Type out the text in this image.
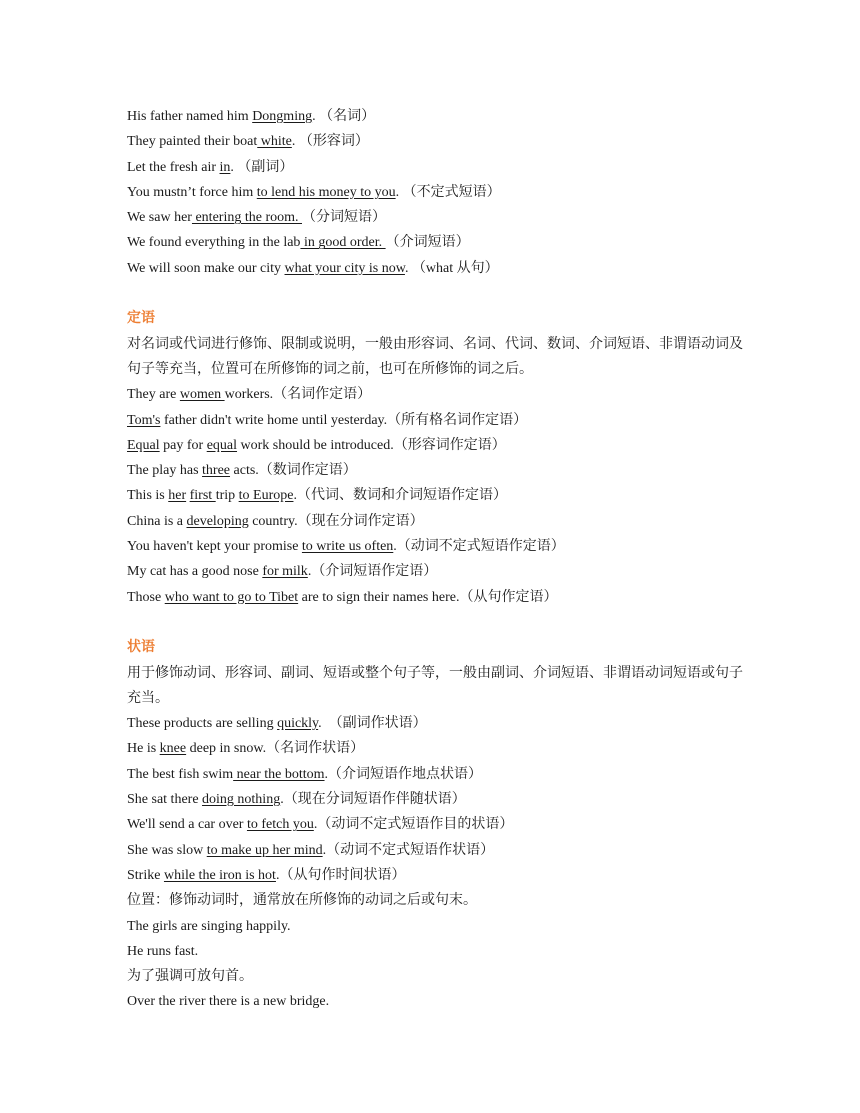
His father named him Dongming. （名词）
They painted their boat white. （形容词）
Let the fresh air in. （副词）
You mustn’t force him to lend his money to you. （不定式短语）
We saw her entering the room. （分词短语）
We found everything in the lab in good order. （介词短语）
We will soon make our city what your city is now. （what 从句）
定语
对名词或代词进行修饰、限制或说明，一般由形容词、名词、代词、数词、介词短语、非谓语动词及句子等充当，位置可在所修饰的词之前，也可在所修饰的词之后。
They are women workers.（名词作定语）
Tom's father didn't write home until yesterday.（所有格名词作定语）
Equal pay for equal work should be introduced.（形容词作定语）
The play has three acts.（数词作定语）
This is her first trip to Europe.（代词、数词和介词短语作定语）
China is a developing country.（现在分词作定语）
You haven't kept your promise to write us often.（动词不定式短语作定语）
My cat has a good nose for milk.（介词短语作定语）
Those who want to go to Tibet are to sign their names here.（从句作定语）
状语
用于修饰动词、形容词、副词、短语或整个句子等，一般由副词、介词短语、非谓语动词短语或句子充当。
These products are selling quickly.　（副词作状语）
He is knee deep in snow.（名词作状语）
The best fish swim near the bottom.（介词短语作地点状语）
She sat there doing nothing.（现在分词短语作伴随状语）
We'll send a car over to fetch you.（动词不定式短语作目的状语）
She was slow to make up her mind.（动词不定式短语作状语）
Strike while the iron is hot.（从句作时间状语）
位置：修饰动词时，通常放在所修饰的动词之后或句末。
The girls are singing happily.
He runs fast.
为了强调可放句首。
Over the river there is a new bridge.
